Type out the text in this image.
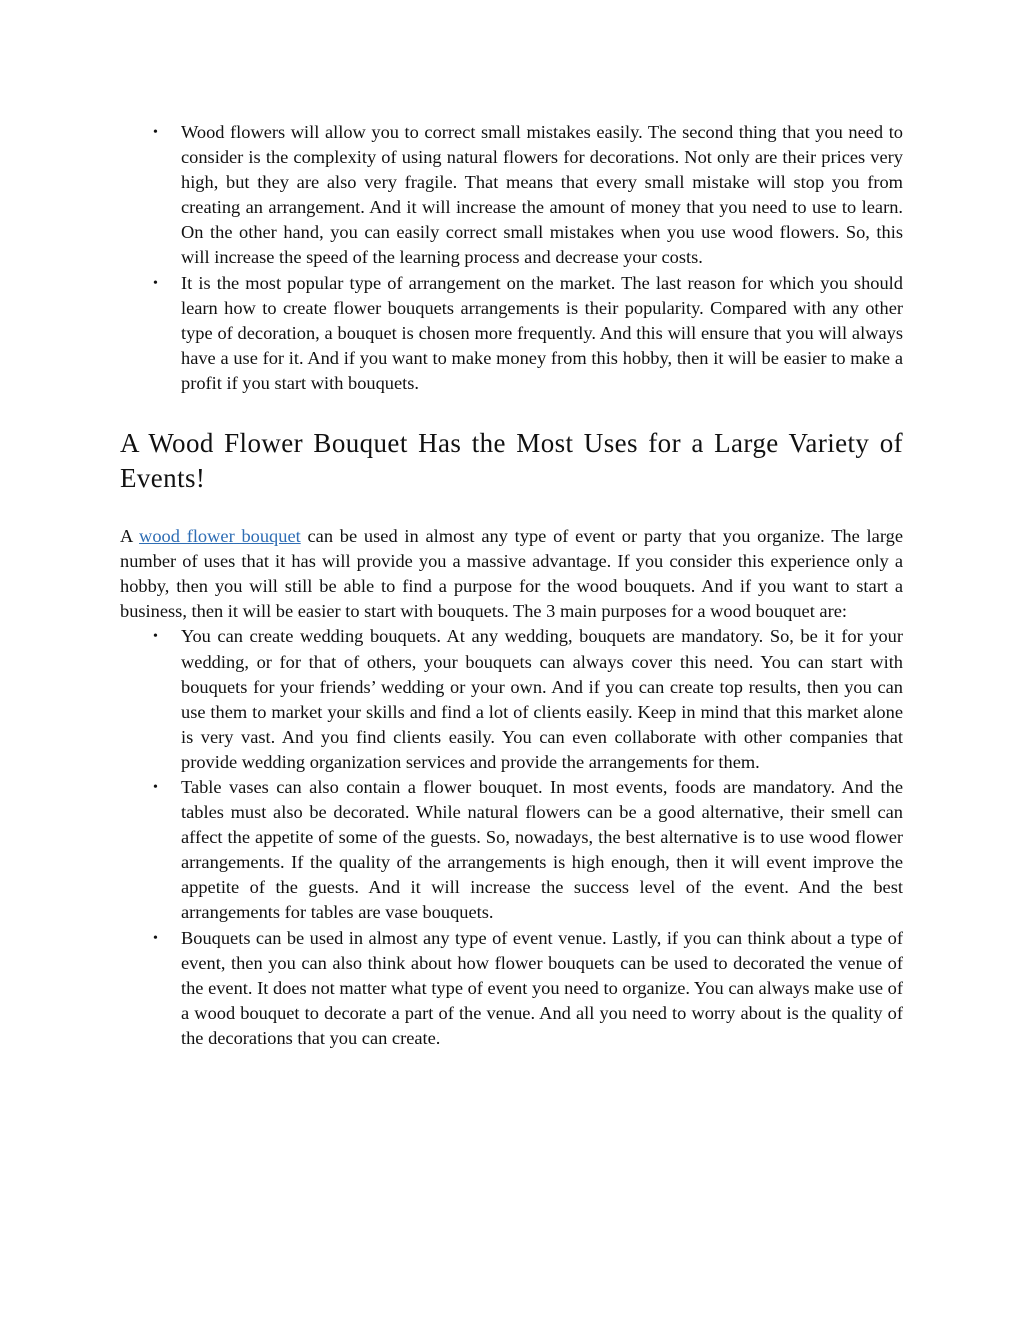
• Wood flowers will allow you to correct small mistakes easily. The second thing that you need to consider is the complexity of using natural flowers for decorations. Not only are their prices very high, but they are also very fragile. That means that every small mistake will stop you from creating an arrangement. And it will increase the amount of money that you need to use to learn. On the other hand, you can easily correct small mistakes when you use wood flowers. So, this will increase the speed of the learning process and decrease your costs.
• It is the most popular type of arrangement on the market. The last reason for which you should learn how to create flower bouquets arrangements is their popularity. Compared with any other type of decoration, a bouquet is chosen more frequently. And this will ensure that you will always have a use for it. And if you want to make money from this hobby, then it will be easier to make a profit if you start with bouquets.
A Wood Flower Bouquet Has the Most Uses for a Large Variety of Events!

A wood flower bouquet can be used in almost any type of event or party that you organize. The large number of uses that it has will provide you a massive advantage. If you consider this experience only a hobby, then you will still be able to find a purpose for the wood bouquets. And if you want to start a business, then it will be easier to start with bouquets. The 3 main purposes for a wood bouquet are:

• You can create wedding bouquets. At any wedding, bouquets are mandatory. So, be it for your wedding, or for that of others, your bouquets can always cover this need. You can start with bouquets for your friends’ wedding or your own. And if you can create top results, then you can use them to market your skills and find a lot of clients easily. Keep in mind that this market alone is very vast. And you find clients easily. You can even collaborate with other companies that provide wedding organization services and provide the arrangements for them.
• Table vases can also contain a flower bouquet. In most events, foods are mandatory. And the tables must also be decorated. While natural flowers can be a good alternative, their smell can affect the appetite of some of the guests. So, nowadays, the best alternative is to use wood flower arrangements. If the quality of the arrangements is high enough, then it will event improve the appetite of the guests. And it will increase the success level of the event. And the best arrangements for tables are vase bouquets.
• Bouquets can be used in almost any type of event venue. Lastly, if you can think about a type of event, then you can also think about how flower bouquets can be used to decorated the venue of the event. It does not matter what type of event you need to organize. You can always make use of a wood bouquet to decorate a part of the venue. And all you need to worry about is the quality of the decorations that you can create.
